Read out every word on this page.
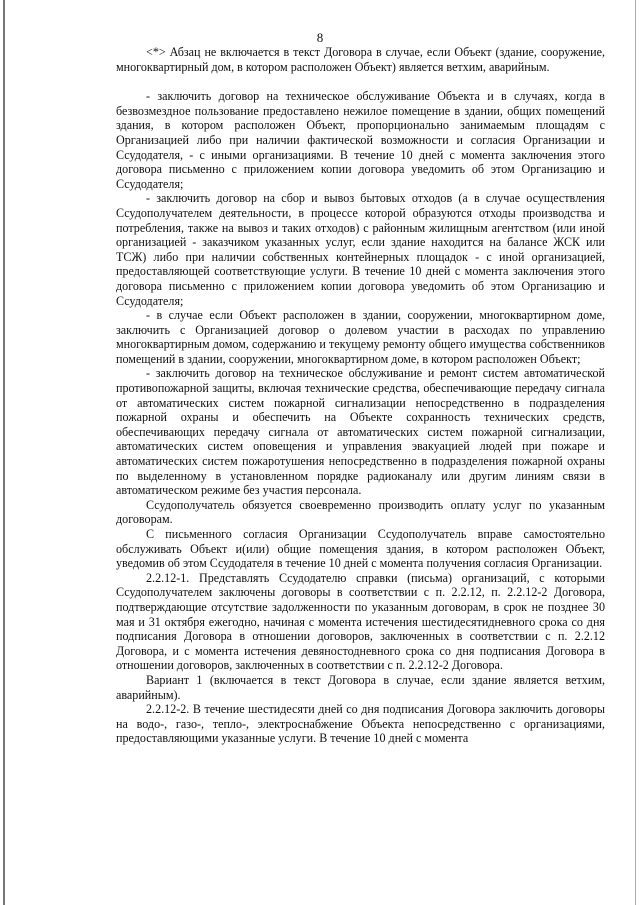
8

<*> Абзац не включается в текст Договора в случае, если Объект (здание, сооружение, многоквартирный дом, в котором расположен Объект) является ветхим, аварийным.

- заключить договор на техническое обслуживание Объекта и в случаях, когда в безвозмездное пользование предоставлено нежилое помещение в здании, общих помещений здания, в котором расположен Объект, пропорционально занимаемым площадям с Организацией либо при наличии фактической возможности и согласия Организации и Ссудодателя, - с иными организациями. В течение 10 дней с момента заключения этого договора письменно с приложением копии договора уведомить об этом Организацию и Ссудодателя;

- заключить договор на сбор и вывоз бытовых отходов (а в случае осуществления Ссудополучателем деятельности, в процессе которой образуются отходы производства и потребления, также на вывоз и таких отходов) с районным жилищным агентством (или иной организацией - заказчиком указанных услуг, если здание находится на балансе ЖСК или ТСЖ) либо при наличии собственных контейнерных площадок - с иной организацией, предоставляющей соответствующие услуги. В течение 10 дней с момента заключения этого договора письменно с приложением копии договора уведомить об этом Организацию и Ссудодателя;

- в случае если Объект расположен в здании, сооружении, многоквартирном доме, заключить с Организацией договор о долевом участии в расходах по управлению многоквартирным домом, содержанию и текущему ремонту общего имущества собственников помещений в здании, сооружении, многоквартирном доме, в котором расположен Объект;

- заключить договор на техническое обслуживание и ремонт систем автоматической противопожарной защиты, включая технические средства, обеспечивающие передачу сигнала от автоматических систем пожарной сигнализации непосредственно в подразделения пожарной охраны и обеспечить на Объекте сохранность технических средств, обеспечивающих передачу сигнала от автоматических систем пожарной сигнализации, автоматических систем оповещения и управления эвакуацией людей при пожаре и автоматических систем пожаротушения непосредственно в подразделения пожарной охраны по выделенному в установленном порядке радиоканалу или другим линиям связи в автоматическом режиме без участия персонала.

Ссудополучатель обязуется своевременно производить оплату услуг по указанным договорам.

С письменного согласия Организации Ссудополучатель вправе самостоятельно обслуживать Объект и(или) общие помещения здания, в котором расположен Объект, уведомив об этом Ссудодателя в течение 10 дней с момента получения согласия Организации.

2.2.12-1. Представлять Ссудодателю справки (письма) организаций, с которыми Ссудополучателем заключены договоры в соответствии с п. 2.2.12, п. 2.2.12-2 Договора, подтверждающие отсутствие задолженности по указанным договорам, в срок не позднее 30 мая и 31 октября ежегодно, начиная с момента истечения шестидесятидневного срока со дня подписания Договора в отношении договоров, заключенных в соответствии с п. 2.2.12 Договора, и с момента истечения девяностодневного срока со дня подписания Договора в отношении договоров, заключенных в соответствии с п. 2.2.12-2 Договора.

Вариант 1 (включается в текст Договора в случае, если здание является ветхим, аварийным).

2.2.12-2. В течение шестидесяти дней со дня подписания Договора заключить договоры на водо-, газо-, тепло-, электроснабжение Объекта непосредственно с организациями, предоставляющими указанные услуги. В течение 10 дней с момента
